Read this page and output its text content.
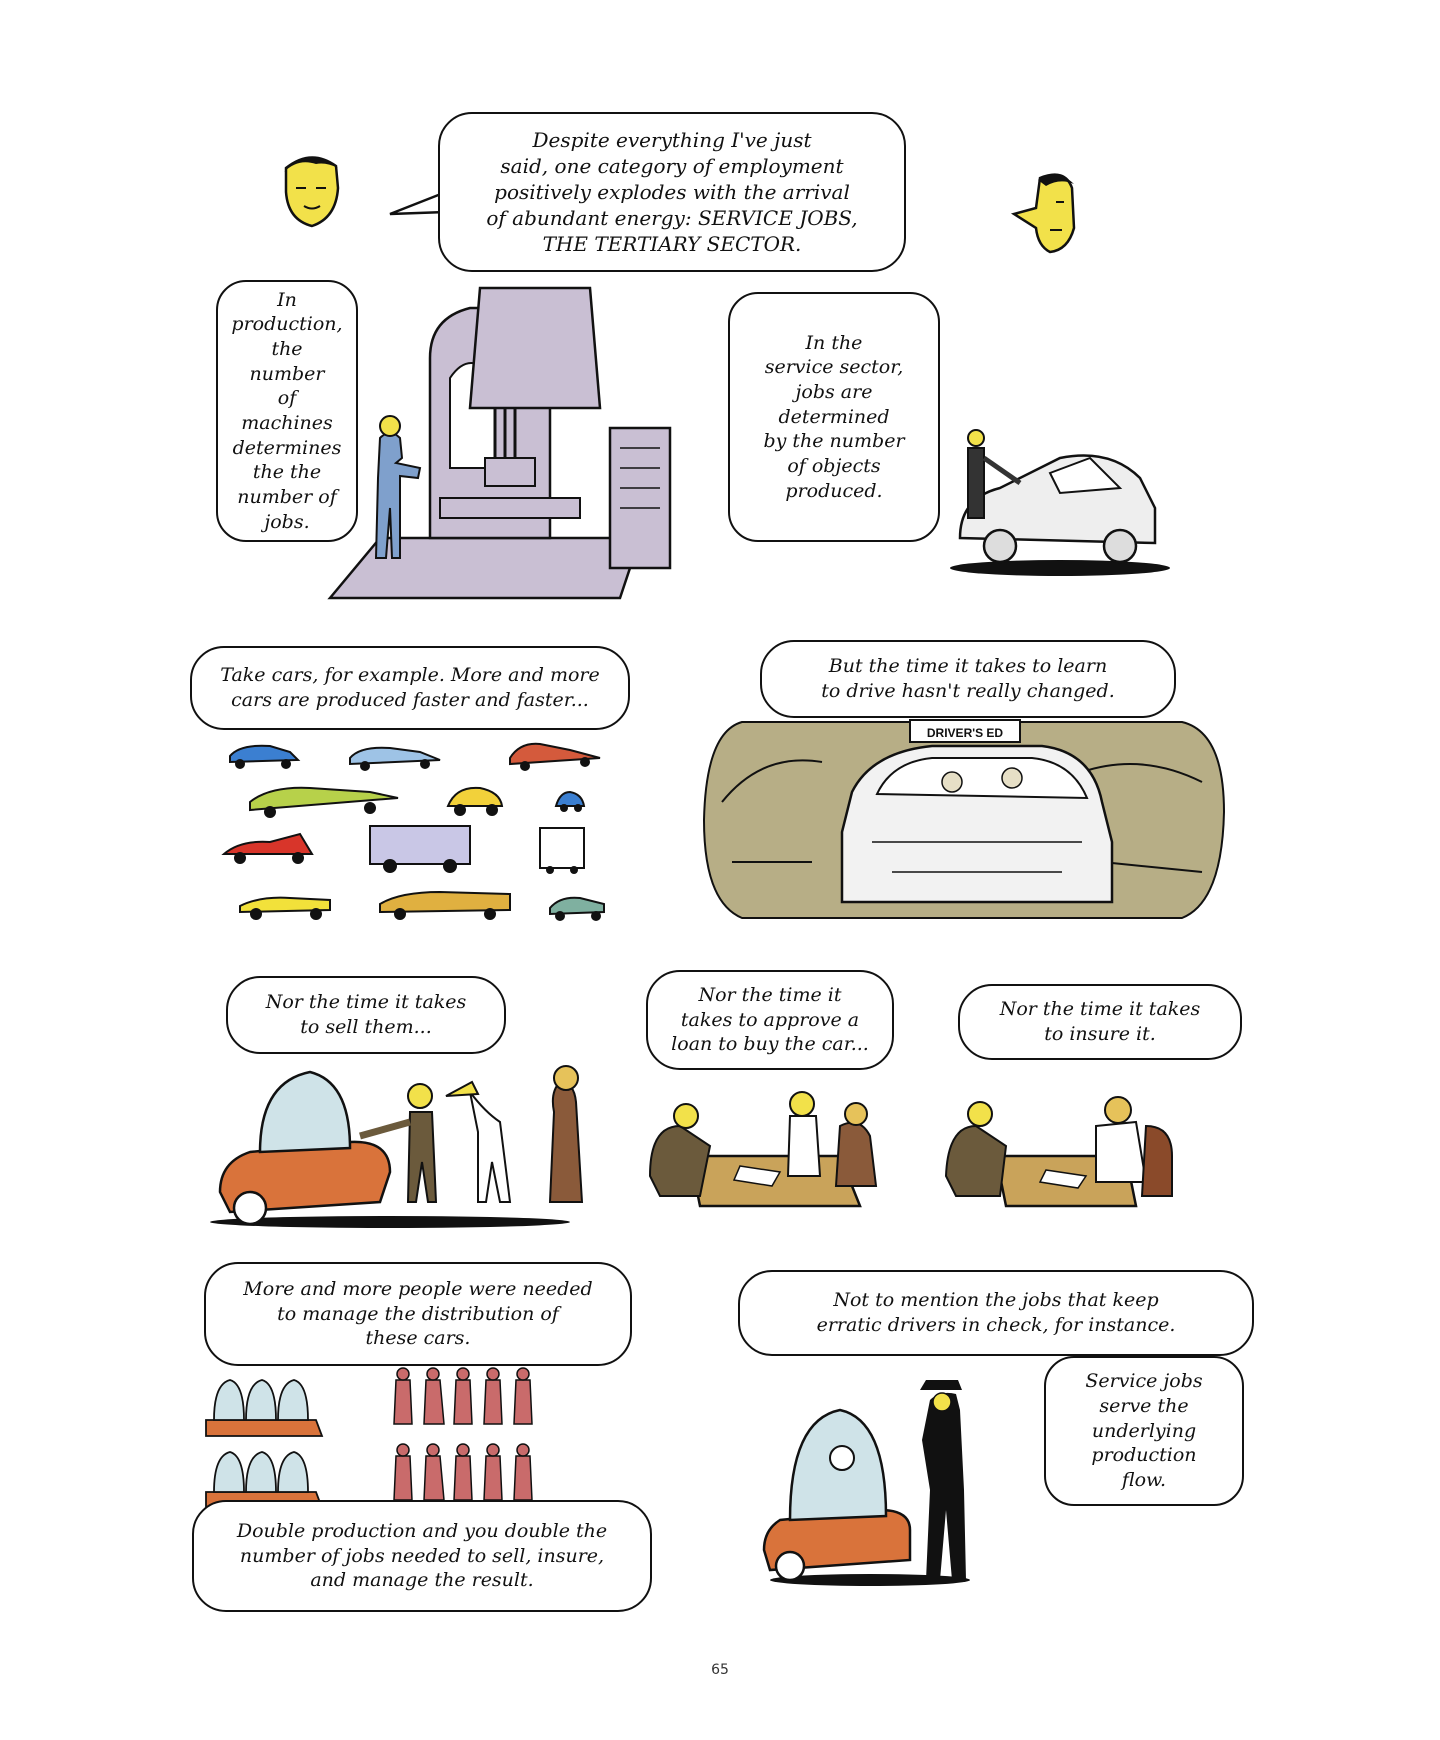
Despite everything I've just
said, one category of employment
positively explodes with the arrival
of abundant energy: SERVICE JOBS,
THE TERTIARY SECTOR.
In
production,
the number
of machines
determines
the the
number of
jobs.
In the
service sector,
jobs are
determined
by the number
of objects
produced.
Take cars, for example. More and more
cars are produced faster and faster...
But the time it takes to learn
to drive hasn't really changed.
DRIVER'S ED
Nor the time it takes
to sell them...
Nor the time it
takes to approve a
loan to buy the car...
Nor the time it takes
to insure it.
More and more people were needed
to manage the distribution of
these cars.
Double production and you double the
number of jobs needed to sell, insure,
and manage the result.
Not to mention the jobs that keep
erratic drivers in check, for instance.
Service jobs
serve the
underlying
production
flow.
65
